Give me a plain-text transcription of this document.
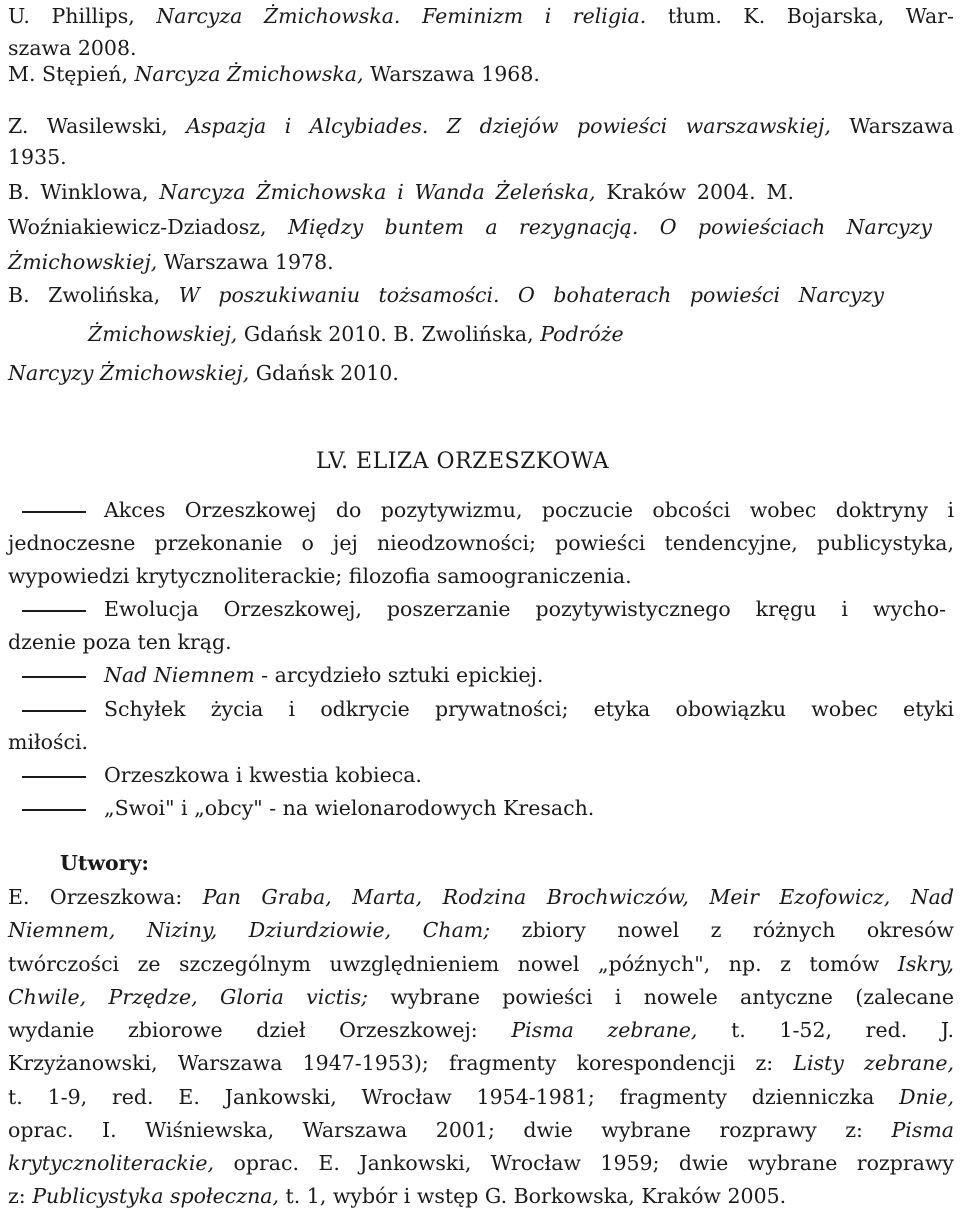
U. Phillips, Narcyza Żmichowska. Feminizm i religia. tłum. K. Bojarska, War-
szawa 2008.
M. Stępień, Narcyza Żmichowska, Warszawa 1968.
Z. Wasilewski, Aspazja i Alcybiades. Z dziejów powieści warszawskiej, Warszawa
1935.
B. Winklowa, Narcyza Żmichowska i Wanda Żeleńska, Kraków 2004. M.
Woźniakiewicz-Dziadosz, Między buntem a rezygnacją. O powieściach Narcyzy
Żmichowskiej, Warszawa 1978.
B. Zwolińska, W poszukiwaniu tożsamości. O bohaterach powieści Narcyzy
Żmichowskiej, Gdańsk 2010. B. Zwolińska, Podróże
Narcyzy Żmichowskiej, Gdańsk 2010.
LV. ELIZA ORZESZKOWA
Akces Orzeszkowej do pozytywizmu, poczucie obcości wobec doktryny i
jednoczesne przekonanie o jej nieodzowności; powieści tendencyjne, publicystyka,
wypowiedzi krytycznoliterackie; filozofia samoograniczenia.
Ewolucja Orzeszkowej, poszerzanie pozytywistycznego kręgu i wycho-
dzenie poza ten krąg.
Nad Niemnem - arcydzieło sztuki epickiej.
Schyłek życia i odkrycie prywatności; etyka obowiązku wobec etyki
miłości.
Orzeszkowa i kwestia kobieca.
„Swoi" i „obcy" - na wielonarodowych Kresach.
Utwory:
E. Orzeszkowa: Pan Graba, Marta, Rodzina Brochwiczów, Meir Ezofowicz, Nad
Niemnem, Niziny, Dziurdziowie, Cham; zbiory nowel z różnych okresów
twórczości ze szczególnym uwzględnieniem nowel „późnych", np. z tomów Iskry,
Chwile, Przędze, Gloria victis; wybrane powieści i nowele antyczne (zalecane
wydanie zbiorowe dzieł Orzeszkowej: Pisma zebrane, t. 1-52, red. J.
Krzyżanowski, Warszawa 1947-1953); fragmenty korespondencji z: Listy zebrane,
t. 1-9, red. E. Jankowski, Wrocław 1954-1981; fragmenty dzienniczka Dnie,
oprac. I. Wiśniewska, Warszawa 2001; dwie wybrane rozprawy z: Pisma
krytycznoliterackie, oprac. E. Jankowski, Wrocław 1959; dwie wybrane rozprawy
z: Publicystyka społeczna, t. 1, wybór i wstęp G. Borkowska, Kraków 2005.
